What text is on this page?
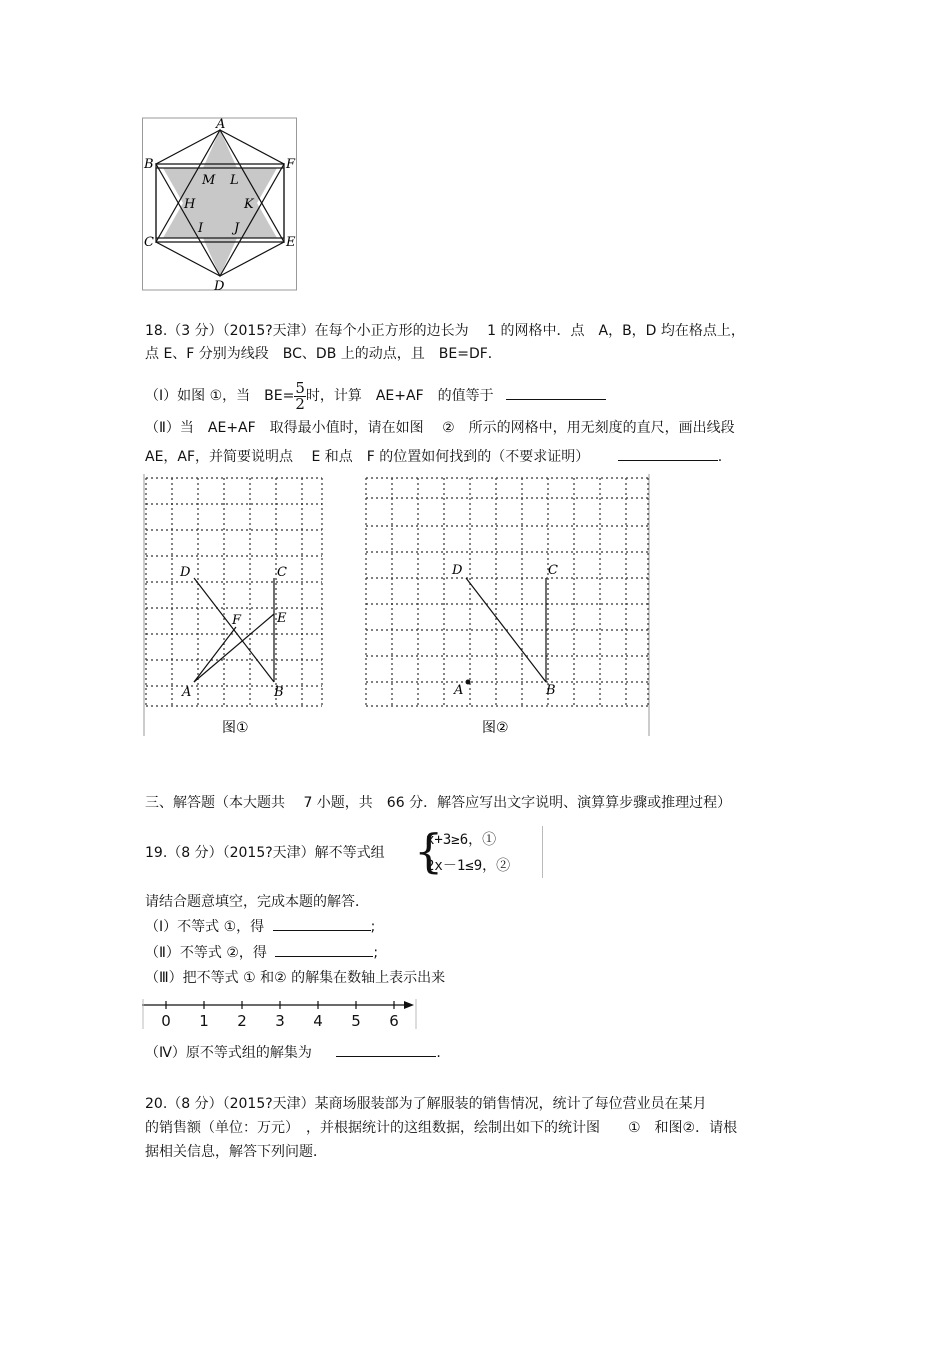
A
B	F
C	E
D
M L
H	K
I J
18.（3 分）（2015?天津）在每个小正方形的边长为　 1 的网格中．点　A，B，D 均在格点上，
点 E、F 分别为线段　BC、DB 上的动点，且　BE=DF．
（Ⅰ）如图 ①，当　$BE= \frac{5}{2}$ 时，计算　AE+AF　的值等于
（Ⅱ）当　AE+AF　取得最小值时，请在如图　 ②　所示的网格中，用无刻度的直尺，画出线段
AE，AF，并简要说明点　 E 和点　F 的位置如何找到的（不要求证明）	.
D	C
F	E
A	B
图①
D	C
A	B
图②
三、解答题（本大题共　 7 小题，共　66 分．解答应写出文字说明、演算算步骤或推理过程）
19.（8 分）（2015?天津）解不等式组 {
x+3≥6，①
2x－1≤9，②
请结合题意填空，完成本题的解答．
（Ⅰ）不等式 ①，得	;
（Ⅱ）不等式 ②，得	;
（Ⅲ）把不等式 ① 和② 的解集在数轴上表示出来
0 1 2 3 4 5 6
（Ⅳ）原不等式组的解集为	.
20.（8 分）（2015?天津）某商场服装部为了解服装的销售情况，统计了每位营业员在某月
的销售额（单位：万元）　，并根据统计的这组数据，绘制出如下的统计图　　①　和图②．请根
据相关信息，解答下列问题．
